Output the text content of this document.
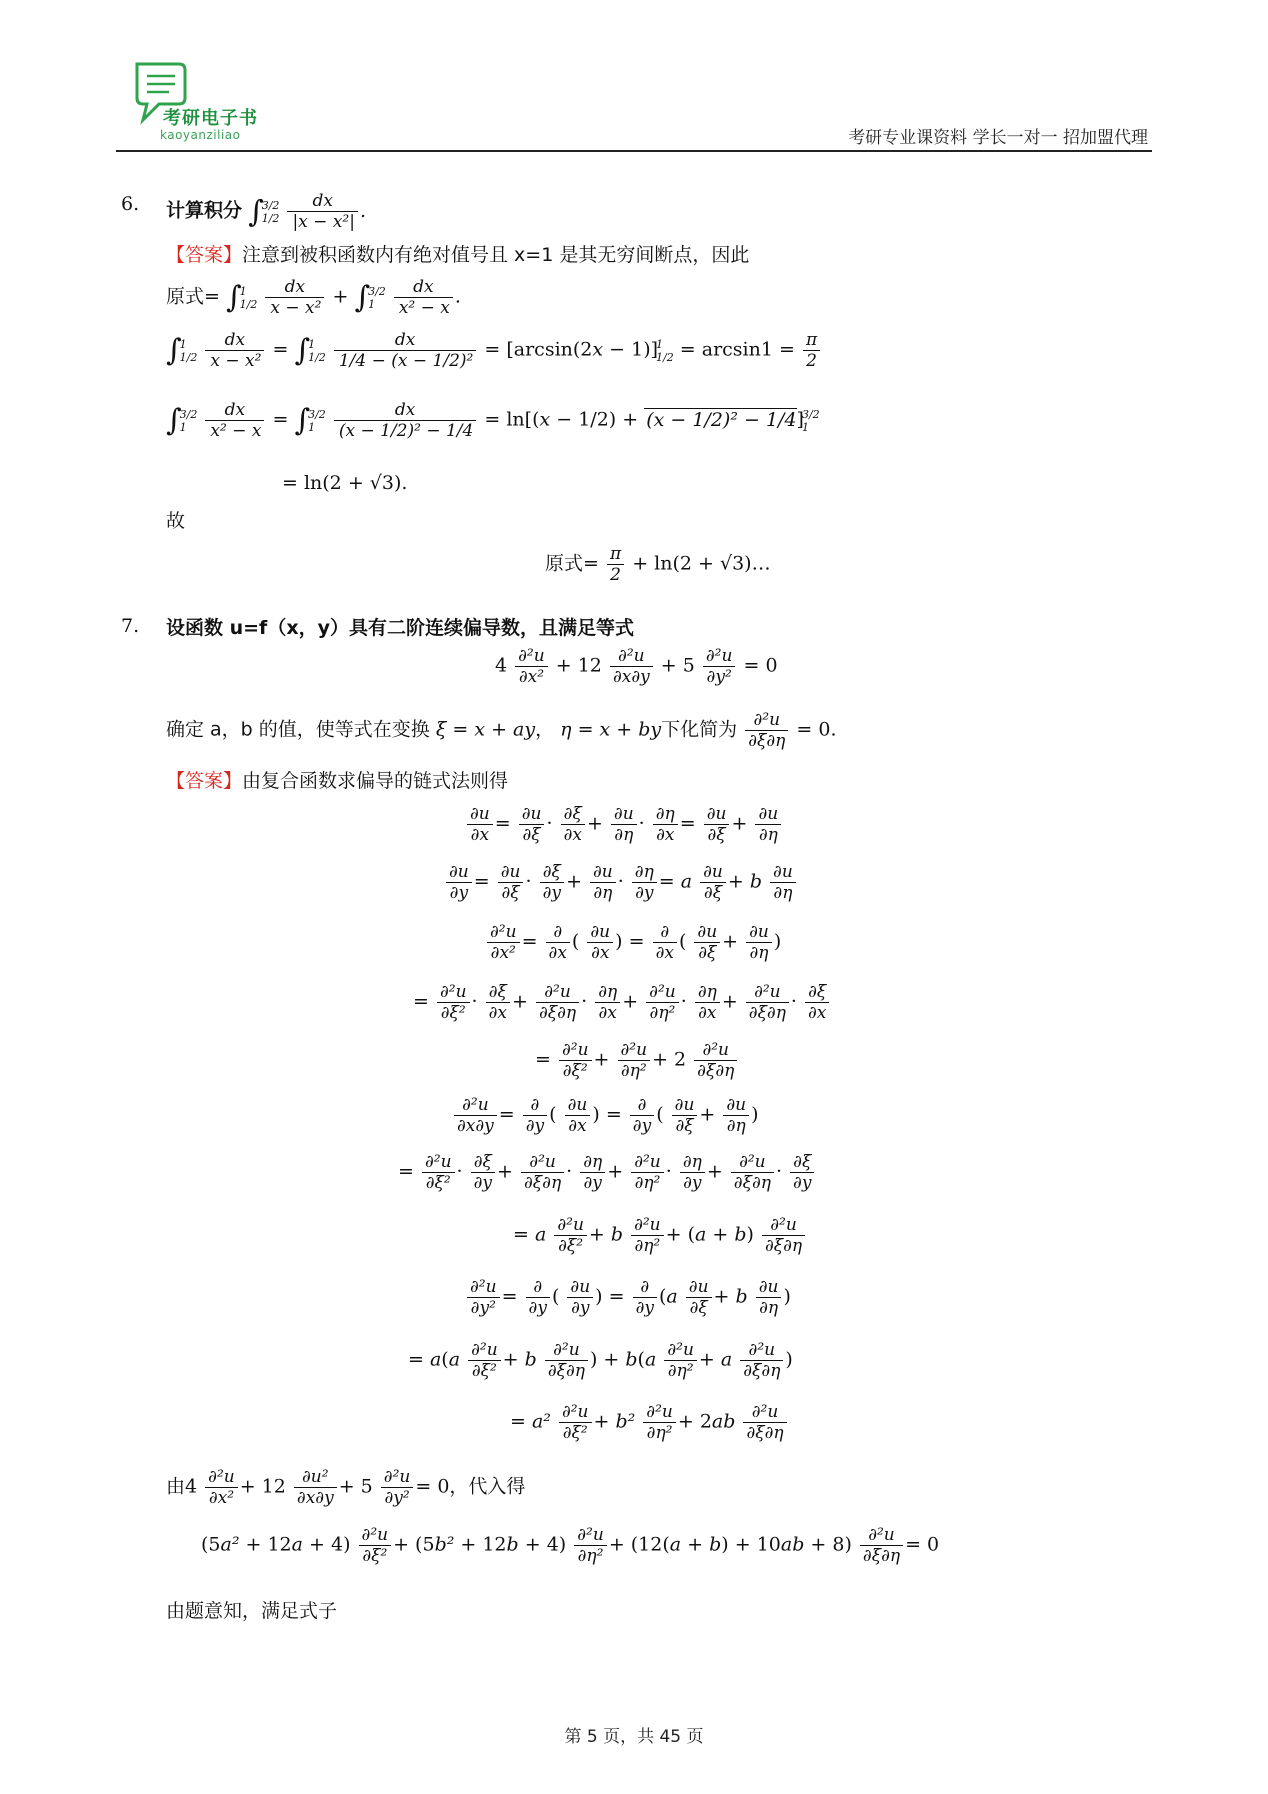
考研电子书
kaoyanziliao	考研专业课资料 学长一对一 招加盟代理
6. 计算积分 ∫3/2
$1/2 \frac{dx}{\text{|x − x²|}}$ .
【答案】注意到被积函数内有绝对值号且 x=1 是其无穷间断点，因此
原式= ∫1
$1/2 \frac{dx}{\text{x − x²}} + \int 3/2$
$1 \frac{dx}{\text{x² − x}}$ .
∫1
$1/2 \frac{dx}{\text{x − x²}} = \int 1$
$1/2 \frac{dx}{\text{1/4 − (x − 1/2)²}} = [\arcsin(2x - 1)]1$
$1/2 = \arcsin 1 = \frac{\pi}{2}$
∫3/2
$1 \frac{dx}{\text{x² − x}} = \int 3/2$
$1 \frac{dx}{\text{(x − 1/2)² − 1/4}} = \ln[(x - 1/2) + (x - 1/2)^2 - 1/4]3/2$
1
= ln(2 + √3).
故
原式= $\frac{\pi}{2} + \ln(2$ + √3)…
7. 设函数 u=f（x，y）具有二阶连续偏导数，且满足等式
$4 \frac{\text{∂²u}}{\text{∂x²}} + 12 \frac{\text{∂²u}}{\partial x\partial y} + 5 \frac{\text{∂²u}}{\text{∂y²}} = 0$
确定 a，b 的值，使等式在变换 ξ = x + ay， η = x + by下化简为 $\frac{\text{∂²u}}{\partial\xi\partial\eta} = 0$.
【答案】由复合函数求偏导的链式法则得
$\frac{\partial u}{\partial x} = \frac{\partial u}{\partial\xi} \cdot \frac{\partial\xi}{\partial x} + \frac{\partial u}{\partial\eta} \cdot \frac{\partial\eta}{\partial x} = \frac{\partial u}{\partial\xi} + \frac{\partial u}{\partial\eta}$
$\frac{\partial u}{\partial y} = \frac{\partial u}{\partial\xi} \cdot \frac{\partial\xi}{\partial y} + \frac{\partial u}{\partial\eta} \cdot \frac{\partial\eta}{\partial y} = a \frac{\partial u}{\partial\xi} + b \frac{\partial u}{\partial\eta}$
$\frac{\text{∂²u}}{\text{∂x²}} = \frac{\partial}{\partial x}$ ( $\frac{\partial u}{\partial x}$ ) = $\frac{\partial}{\partial x}$ ( $\frac{\partial u}{\partial\xi} + \frac{\partial u}{\partial\eta}$ )
= $\frac{\text{∂²u}}{\text{∂ξ²}} \cdot \frac{\partial\xi}{\partial x} + \frac{\text{∂²u}}{\partial\xi\partial\eta} \cdot \frac{\partial\eta}{\partial x} + \frac{\text{∂²u}}{\text{∂η²}} \cdot \frac{\partial\eta}{\partial x} + \frac{\text{∂²u}}{\partial\xi\partial\eta} \cdot \frac{\partial\xi}{\partial x}$
= $\frac{\text{∂²u}}{\text{∂ξ²}} + \frac{\text{∂²u}}{\text{∂η²}} + 2 \frac{\text{∂²u}}{\partial\xi\partial\eta}$
$\frac{\text{∂²u}}{\partial x\partial y} = \frac{\partial}{\partial y}$ ( $\frac{\partial u}{\partial x}$ ) = $\frac{\partial}{\partial y}$ ( $\frac{\partial u}{\partial\xi} + \frac{\partial u}{\partial\eta}$ )
= $\frac{\text{∂²u}}{\text{∂ξ²}} \cdot \frac{\partial\xi}{\partial y} + \frac{\text{∂²u}}{\partial\xi\partial\eta} \cdot \frac{\partial\eta}{\partial y} + \frac{\text{∂²u}}{\text{∂η²}} \cdot \frac{\partial\eta}{\partial y} + \frac{\text{∂²u}}{\partial\xi\partial\eta} \cdot \frac{\partial\xi}{\partial y}$
= a $\frac{\text{∂²u}}{\text{∂ξ²}} + b \frac{\text{∂²u}}{\text{∂η²}} + (a + b) \frac{\text{∂²u}}{\partial\xi\partial\eta}$
$\frac{\text{∂²u}}{\text{∂y²}} = \frac{\partial}{\partial y}$ ( $\frac{\partial u}{\partial y}$ ) = $\frac{\partial}{\partial y} (a \frac{\partial u}{\partial\xi} + b \frac{\partial u}{\partial\eta}$ )
= $a(a \frac{\text{∂²u}}{\text{∂ξ²}} + b \frac{\text{∂²u}}{\partial\xi\partial\eta}$ ) + $b(a \frac{\text{∂²u}}{\text{∂η²}} + a \frac{\text{∂²u}}{\partial\xi\partial\eta}$ )
= $a^2 \frac{\text{∂²u}}{\text{∂ξ²}} + b^2 \frac{\text{∂²u}}{\text{∂η²}} + 2ab \frac{\text{∂²u}}{\partial\xi\partial\eta}$
由$4 \frac{\text{∂²u}}{\text{∂x²}} + 12 \frac{\text{∂u²}}{\partial x\partial y} + 5 \frac{\text{∂²u}}{\text{∂y²}} = 0$，代入得
$(5a^2 + 12a + 4) \frac{\text{∂²u}}{\text{∂ξ²}} + (5b^2 + 12b + 4) \frac{\text{∂²u}}{\text{∂η²}} + (12(a + b) + 10ab + 8) \frac{\text{∂²u}}{\partial\xi\partial\eta} = 0$
由题意知，满足式子
第 5 页，共 45 页
